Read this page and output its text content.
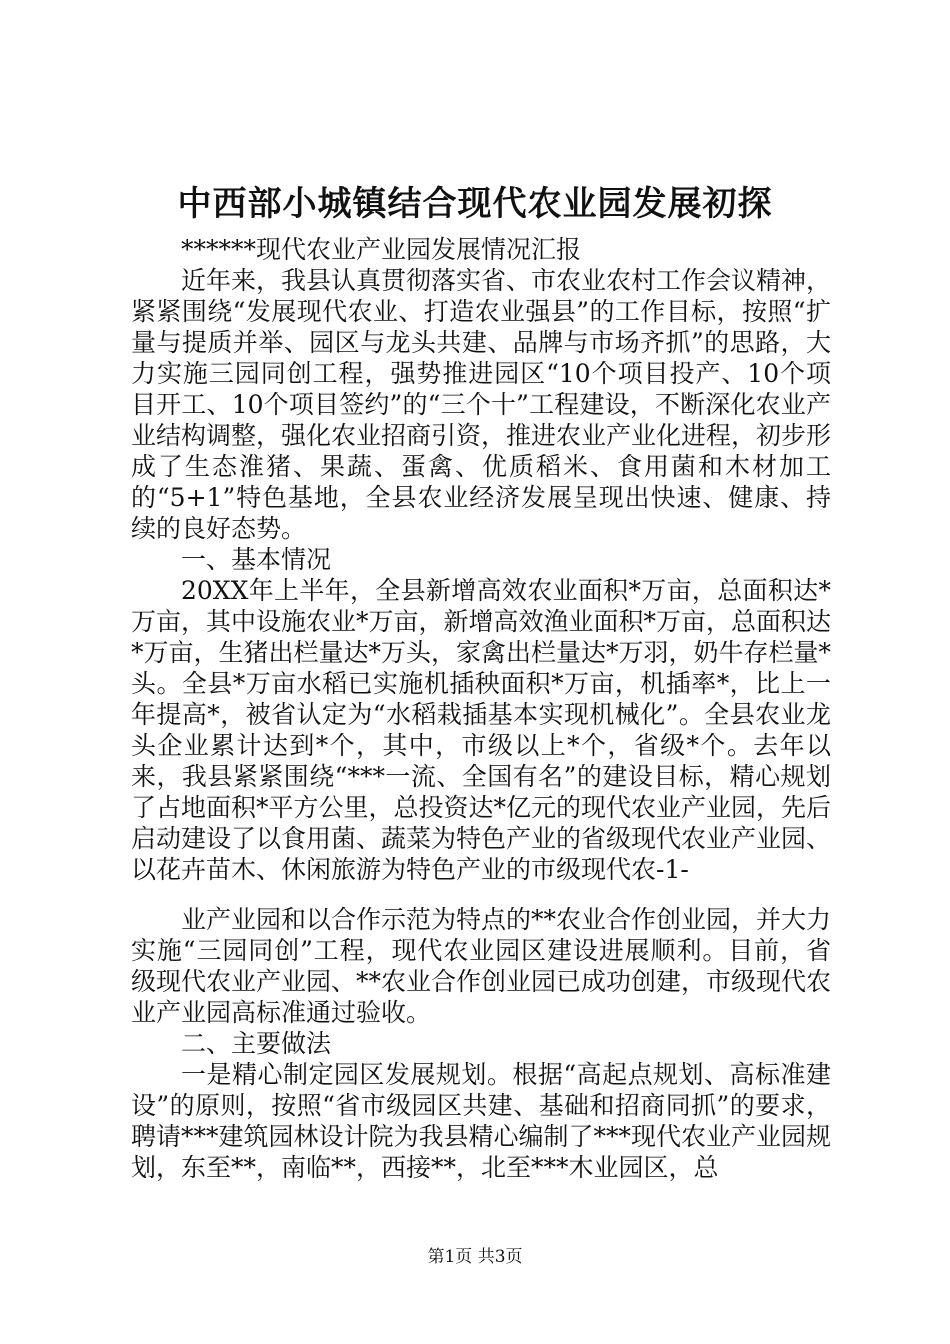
中西部小城镇结合现代农业园发展初探

******现代农业产业园发展情况汇报

近年来，我县认真贯彻落实省、市农业农村工作会议精神，紧紧围绕“发展现代农业、打造农业强县”的工作目标，按照“扩量与提质并举、园区与龙头共建、品牌与市场齐抓”的思路，大力实施三园同创工程，强势推进园区“10个项目投产、10个项目开工、10个项目签约”的“三个十”工程建设，不断深化农业产业结构调整，强化农业招商引资，推进农业产业化进程，初步形成了生态淮猪、果蔬、蛋禽、优质稻米、食用菌和木材加工的“5+1”特色基地，全县农业经济发展呈现出快速、健康、持续的良好态势。

一、基本情况

20XX年上半年，全县新增高效农业面积*万亩，总面积达*万亩，其中设施农业*万亩，新增高效渔业面积*万亩，总面积达*万亩，生猪出栏量达*万头，家禽出栏量达*万羽，奶牛存栏量*头。全县*万亩水稻已实施机插秧面积*万亩，机插率*，比上一年提高*，被省认定为“水稻栽插基本实现机械化”。全县农业龙头企业累计达到*个，其中，市级以上*个，省级*个。去年以来，我县紧紧围绕“***一流、全国有名”的建设目标，精心规划了占地面积*平方公里，总投资达*亿元的现代农业产业园，先后启动建设了以食用菌、蔬菜为特色产业的省级现代农业产业园、以花卉苗木、休闲旅游为特色产业的市级现代农-1-

业产业园和以合作示范为特点的**农业合作创业园，并大力实施“三园同创”工程，现代农业园区建设进展顺利。目前，省级现代农业产业园、**农业合作创业园已成功创建，市级现代农业产业园高标准通过验收。

二、主要做法

一是精心制定园区发展规划。根据“高起点规划、高标准建设”的原则，按照“省市级园区共建、基础和招商同抓”的要求，聘请***建筑园林设计院为我县精心编制了***现代农业产业园规划，东至**，南临**，西接**，北至***木业园区，总

第1页 共3页
